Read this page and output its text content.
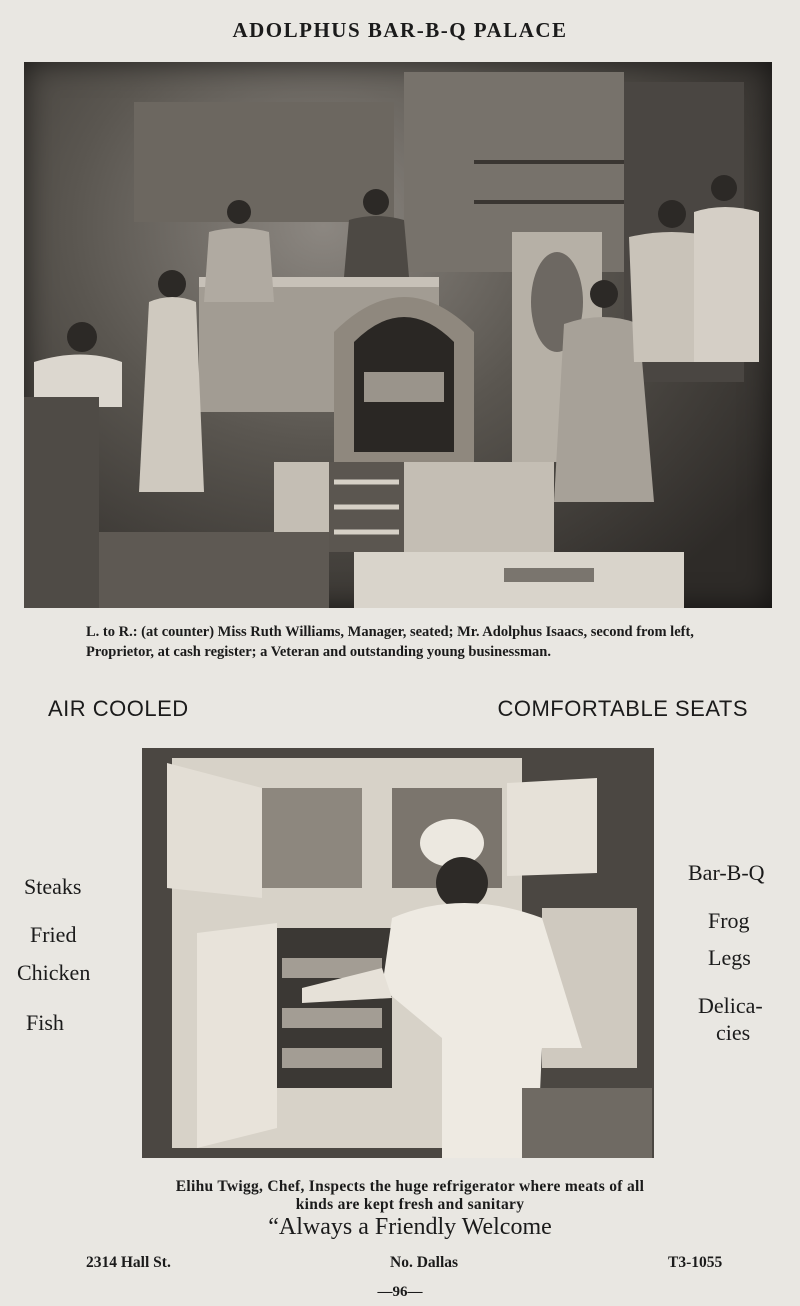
ADOLPHUS BAR-B-Q PALACE
L. to R.: (at counter) Miss Ruth Williams, Manager, seated; Mr. Adolphus Isaacs, second from left, Proprietor, at cash register; a Veteran and outstanding young businessman.
AIR COOLED	COMFORTABLE SEATS
Steaks
Fried
Chicken
Fish
Bar-B-Q
Frog
Legs
Delica-
cies
Elihu Twigg, Chef, Inspects the huge refrigerator where meats of all
kinds are kept fresh and sanitary
“Always a Friendly Welcome
2314 Hall St.	No. Dallas	T3-1055
—96—
